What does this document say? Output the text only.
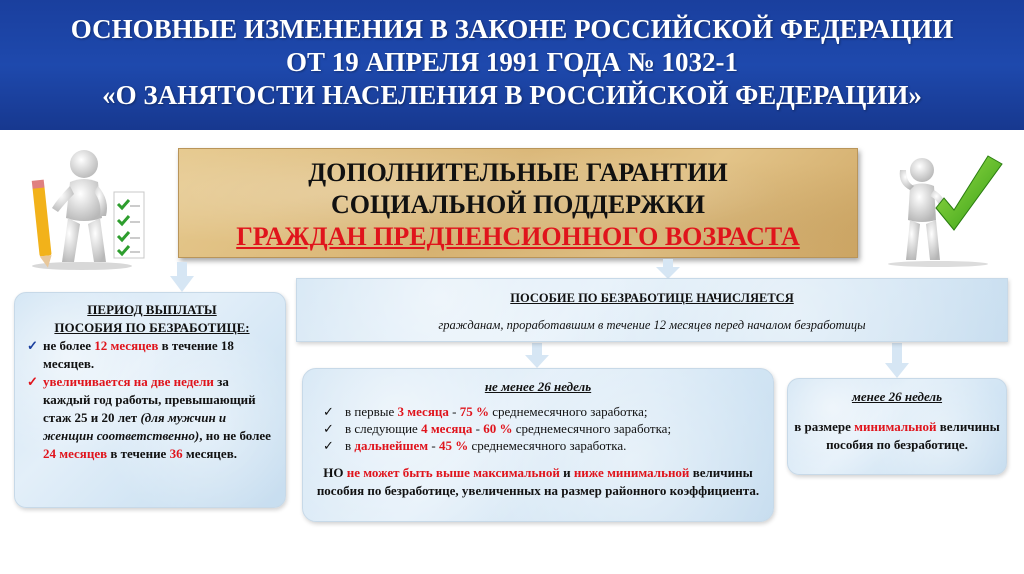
ОСНОВНЫЕ ИЗМЕНЕНИЯ В ЗАКОНЕ РОССИЙСКОЙ ФЕДЕРАЦИИ
ОТ 19 АПРЕЛЯ 1991 ГОДА № 1032-1
«О ЗАНЯТОСТИ НАСЕЛЕНИЯ В РОССИЙСКОЙ ФЕДЕРАЦИИ»
ДОПОЛНИТЕЛЬНЫЕ ГАРАНТИИ
СОЦИАЛЬНОЙ ПОДДЕРЖКИ
ГРАЖДАН ПРЕДПЕНСИОННОГО ВОЗРАСТА
ПЕРИОД ВЫПЛАТЫ
ПОСОБИЯ ПО БЕЗРАБОТИЦЕ:
✓ не более 12 месяцев в течение 18 месяцев.
✓ увеличивается на две недели за каждый год работы, превышающий стаж 25 и 20 лет (для мужчин и женщин соответственно), но не более 24 месяцев в течение 36 месяцев.
ПОСОБИЕ ПО БЕЗРАБОТИЦЕ НАЧИСЛЯЕТСЯ
гражданам, проработавшим в течение 12 месяцев перед началом безработицы
не менее 26 недель
✓ в первые 3 месяца - 75 % среднемесячного заработка;
✓ в следующие 4 месяца - 60 % среднемесячного заработка;
✓ в дальнейшем - 45 % среднемесячного заработка.
НО не может быть выше максимальной и ниже минимальной величины пособия по безработице, увеличенных на размер районного коэффициента.
менее 26 недель
в размере минимальной величины пособия по безработице.
